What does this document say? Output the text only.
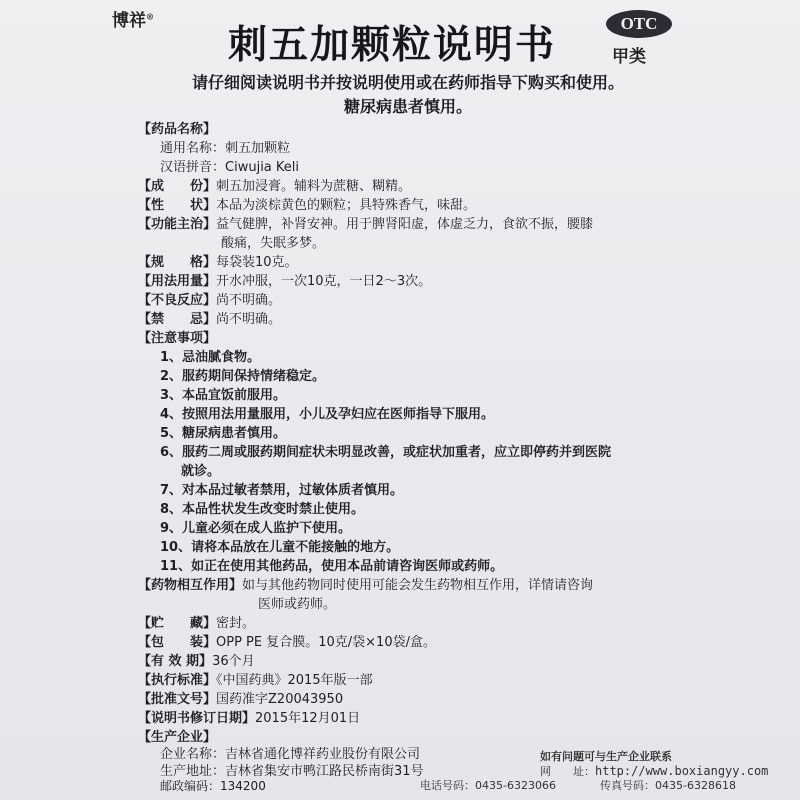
博祥®
刺五加颗粒说明书	OTC
甲类
请仔细阅读说明书并按说明使用或在药师指导下购买和使用。
糖尿病患者慎用。
【药品名称】
通用名称：刺五加颗粒
汉语拼音：Ciwujia Keli
【成　　份】刺五加浸膏。辅料为蔗糖、糊精。
【性　　状】本品为淡棕黄色的颗粒；具特殊香气，味甜。
【功能主治】益气健脾，补肾安神。用于脾肾阳虚，体虚乏力，食欲不振，腰膝
酸痛，失眠多梦。
【规　　格】每袋装10克。
【用法用量】开水冲服，一次10克，一日2～3次。
【不良反应】尚不明确。
【禁　　忌】尚不明确。
【注意事项】
1、忌油腻食物。
2、服药期间保持情绪稳定。
3、本品宜饭前服用。
4、按照用法用量服用，小儿及孕妇应在医师指导下服用。
5、糖尿病患者慎用。
6、服药二周或服药期间症状未明显改善，或症状加重者，应立即停药并到医院
就诊。
7、对本品过敏者禁用，过敏体质者慎用。
8、本品性状发生改变时禁止使用。
9、儿童必须在成人监护下使用。
10、请将本品放在儿童不能接触的地方。
11、如正在使用其他药品，使用本品前请咨询医师或药师。
【药物相互作用】如与其他药物同时使用可能会发生药物相互作用，详情请咨询
医师或药师。
【贮　　藏】密封。
【包　　装】OPP PE 复合膜。10克/袋×10袋/盒。
【有 效 期】36个月
【执行标准】《中国药典》2015年版一部
【批准文号】国药准字Z20043950
【说明书修订日期】2015年12月01日
【生产企业】
企业名称：吉林省通化博祥药业股份有限公司
生产地址：吉林省集安市鸭江路民桥南街31号
邮政编码：134200	电话号码：0435-6323066	传真号码：0435-6328618
网　　址：http://www.boxiangyy.com
如有问题可与生产企业联系
